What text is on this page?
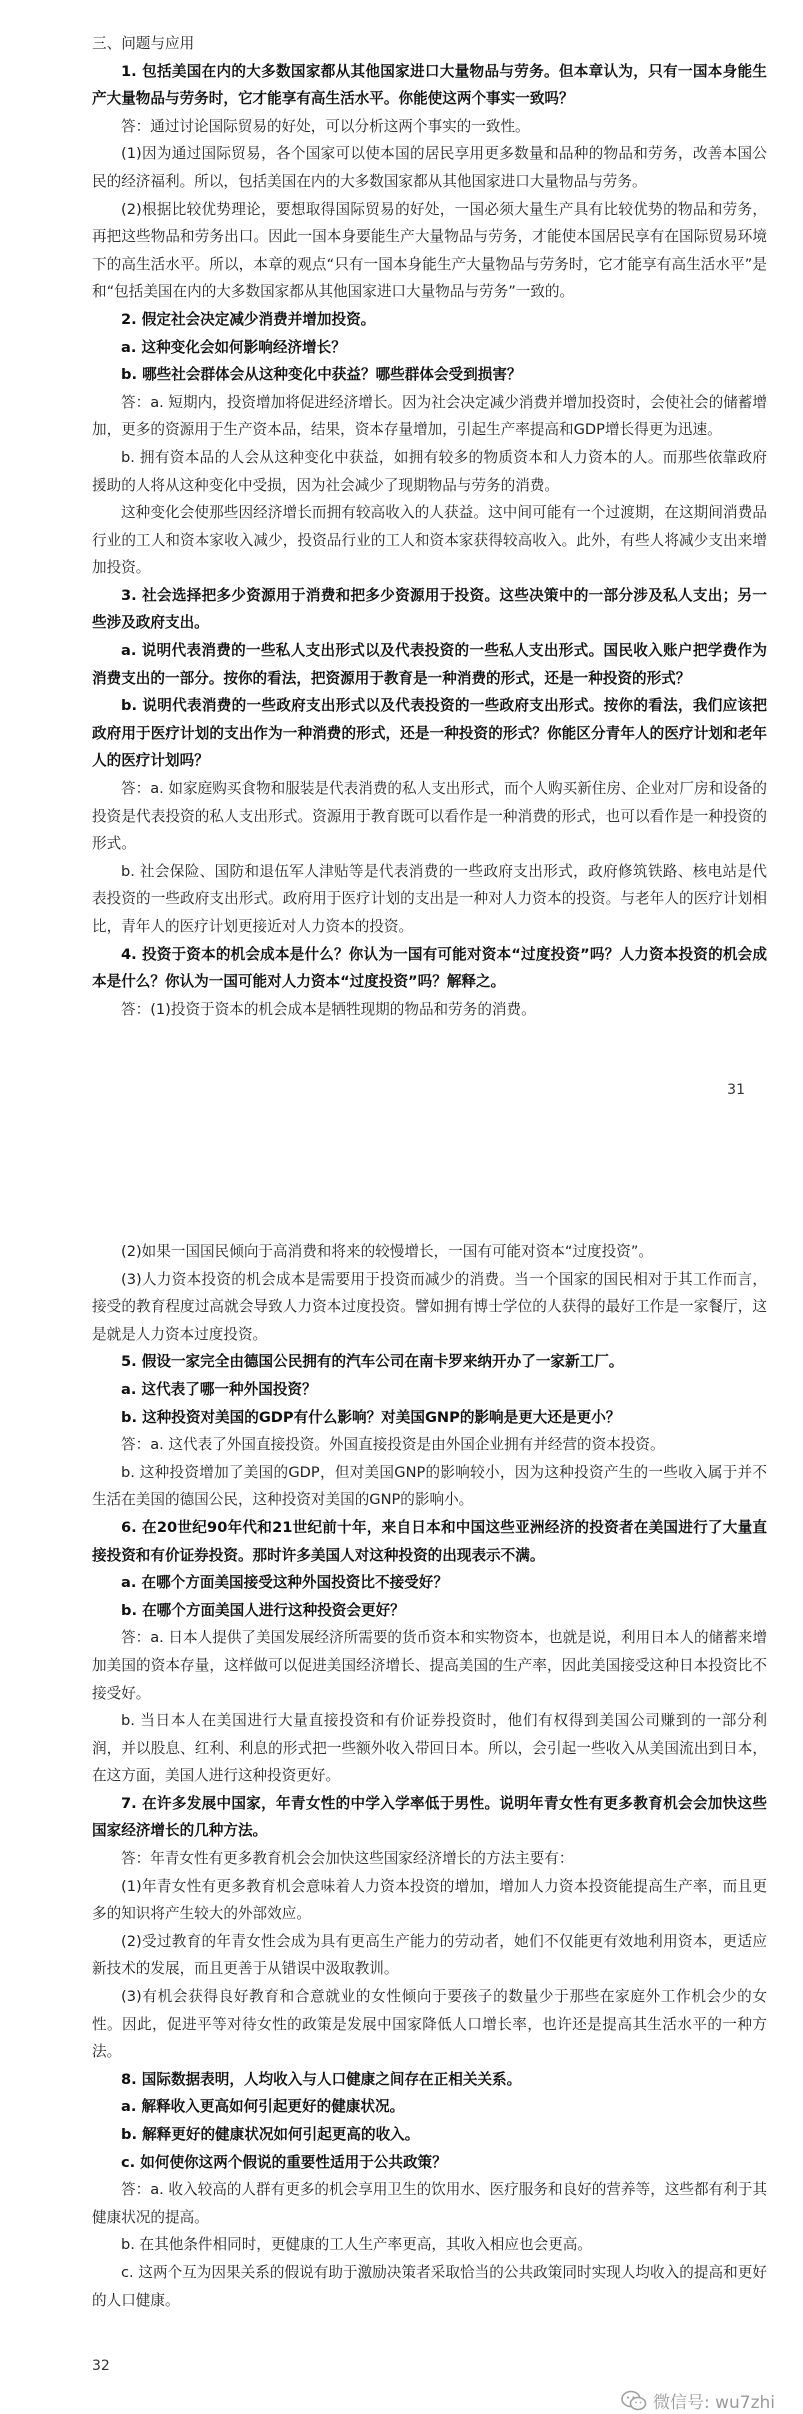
三、问题与应用

1. 包括美国在内的大多数国家都从其他国家进口大量物品与劳务。但本章认为，只有一国本身能生产大量物品与劳务时，它才能享有高生活水平。你能使这两个事实一致吗？

答：通过讨论国际贸易的好处，可以分析这两个事实的一致性。

(1)因为通过国际贸易，各个国家可以使本国的居民享用更多数量和品种的物品和劳务，改善本国公民的经济福利。所以，包括美国在内的大多数国家都从其他国家进口大量物品与劳务。

(2)根据比较优势理论，要想取得国际贸易的好处，一国必须大量生产具有比较优势的物品和劳务，再把这些物品和劳务出口。因此一国本身要能生产大量物品与劳务，才能使本国居民享有在国际贸易环境下的高生活水平。所以，本章的观点“只有一国本身能生产大量物品与劳务时，它才能享有高生活水平”是和“包括美国在内的大多数国家都从其他国家进口大量物品与劳务”一致的。

2. 假定社会决定减少消费并增加投资。

a. 这种变化会如何影响经济增长？

b. 哪些社会群体会从这种变化中获益？哪些群体会受到损害？

答：a. 短期内，投资增加将促进经济增长。因为社会决定减少消费并增加投资时，会使社会的储蓄增加，更多的资源用于生产资本品，结果，资本存量增加，引起生产率提高和GDP增长得更为迅速。

b. 拥有资本品的人会从这种变化中获益，如拥有较多的物质资本和人力资本的人。而那些依靠政府援助的人将从这种变化中受损，因为社会减少了现期物品与劳务的消费。

这种变化会使那些因经济增长而拥有较高收入的人获益。这中间可能有一个过渡期，在这期间消费品行业的工人和资本家收入减少，投资品行业的工人和资本家获得较高收入。此外，有些人将减少支出来增加投资。

3. 社会选择把多少资源用于消费和把多少资源用于投资。这些决策中的一部分涉及私人支出；另一些涉及政府支出。

a. 说明代表消费的一些私人支出形式以及代表投资的一些私人支出形式。国民收入账户把学费作为消费支出的一部分。按你的看法，把资源用于教育是一种消费的形式，还是一种投资的形式？

b. 说明代表消费的一些政府支出形式以及代表投资的一些政府支出形式。按你的看法，我们应该把政府用于医疗计划的支出作为一种消费的形式，还是一种投资的形式？你能区分青年人的医疗计划和老年人的医疗计划吗？

答：a. 如家庭购买食物和服装是代表消费的私人支出形式，而个人购买新住房、企业对厂房和设备的投资是代表投资的私人支出形式。资源用于教育既可以看作是一种消费的形式，也可以看作是一种投资的形式。

b. 社会保险、国防和退伍军人津贴等是代表消费的一些政府支出形式，政府修筑铁路、核电站是代表投资的一些政府支出形式。政府用于医疗计划的支出是一种对人力资本的投资。与老年人的医疗计划相比，青年人的医疗计划更接近对人力资本的投资。

4. 投资于资本的机会成本是什么？你认为一国有可能对资本“过度投资”吗？人力资本投资的机会成本是什么？你认为一国可能对人力资本“过度投资”吗？解释之。

答：(1)投资于资本的机会成本是牺牲现期的物品和劳务的消费。

31

(2)如果一国国民倾向于高消费和将来的较慢增长，一国有可能对资本“过度投资”。

(3)人力资本投资的机会成本是需要用于投资而减少的消费。当一个国家的国民相对于其工作而言，接受的教育程度过高就会导致人力资本过度投资。譬如拥有博士学位的人获得的最好工作是一家餐厅，这是就是人力资本过度投资。

5. 假设一家完全由德国公民拥有的汽车公司在南卡罗来纳开办了一家新工厂。

a. 这代表了哪一种外国投资？

b. 这种投资对美国的GDP有什么影响？对美国GNP的影响是更大还是更小？

答：a. 这代表了外国直接投资。外国直接投资是由外国企业拥有并经营的资本投资。

b. 这种投资增加了美国的GDP，但对美国GNP的影响较小，因为这种投资产生的一些收入属于并不生活在美国的德国公民，这种投资对美国的GNP的影响小。

6. 在20世纪90年代和21世纪前十年，来自日本和中国这些亚洲经济的投资者在美国进行了大量直接投资和有价证券投资。那时许多美国人对这种投资的出现表示不满。

a. 在哪个方面美国接受这种外国投资比不接受好？

b. 在哪个方面美国人进行这种投资会更好？

答：a. 日本人提供了美国发展经济所需要的货币资本和实物资本，也就是说，利用日本人的储蓄来增加美国的资本存量，这样做可以促进美国经济增长、提高美国的生产率，因此美国接受这种日本投资比不接受好。

b. 当日本人在美国进行大量直接投资和有价证券投资时，他们有权得到美国公司赚到的一部分利润，并以股息、红利、利息的形式把一些额外收入带回日本。所以，会引起一些收入从美国流出到日本，在这方面，美国人进行这种投资更好。

7. 在许多发展中国家，年青女性的中学入学率低于男性。说明年青女性有更多教育机会会加快这些国家经济增长的几种方法。

答：年青女性有更多教育机会会加快这些国家经济增长的方法主要有：

(1)年青女性有更多教育机会意味着人力资本投资的增加，增加人力资本投资能提高生产率，而且更多的知识将产生较大的外部效应。

(2)受过教育的年青女性会成为具有更高生产能力的劳动者，她们不仅能更有效地利用资本，更适应新技术的发展，而且更善于从错误中汲取教训。

(3)有机会获得良好教育和合意就业的女性倾向于要孩子的数量少于那些在家庭外工作机会少的女性。因此，促进平等对待女性的政策是发展中国家降低人口增长率，也许还是提高其生活水平的一种方法。

8. 国际数据表明，人均收入与人口健康之间存在正相关关系。

a. 解释收入更高如何引起更好的健康状况。

b. 解释更好的健康状况如何引起更高的收入。

c. 如何使你这两个假说的重要性适用于公共政策？

答：a. 收入较高的人群有更多的机会享用卫生的饮用水、医疗服务和良好的营养等，这些都有利于其健康状况的提高。

b. 在其他条件相同时，更健康的工人生产率更高，其收入相应也会更高。

c. 这两个互为因果关系的假说有助于激励决策者采取恰当的公共政策同时实现人均收入的提高和更好的人口健康。

32
微信号: wu7zhi
